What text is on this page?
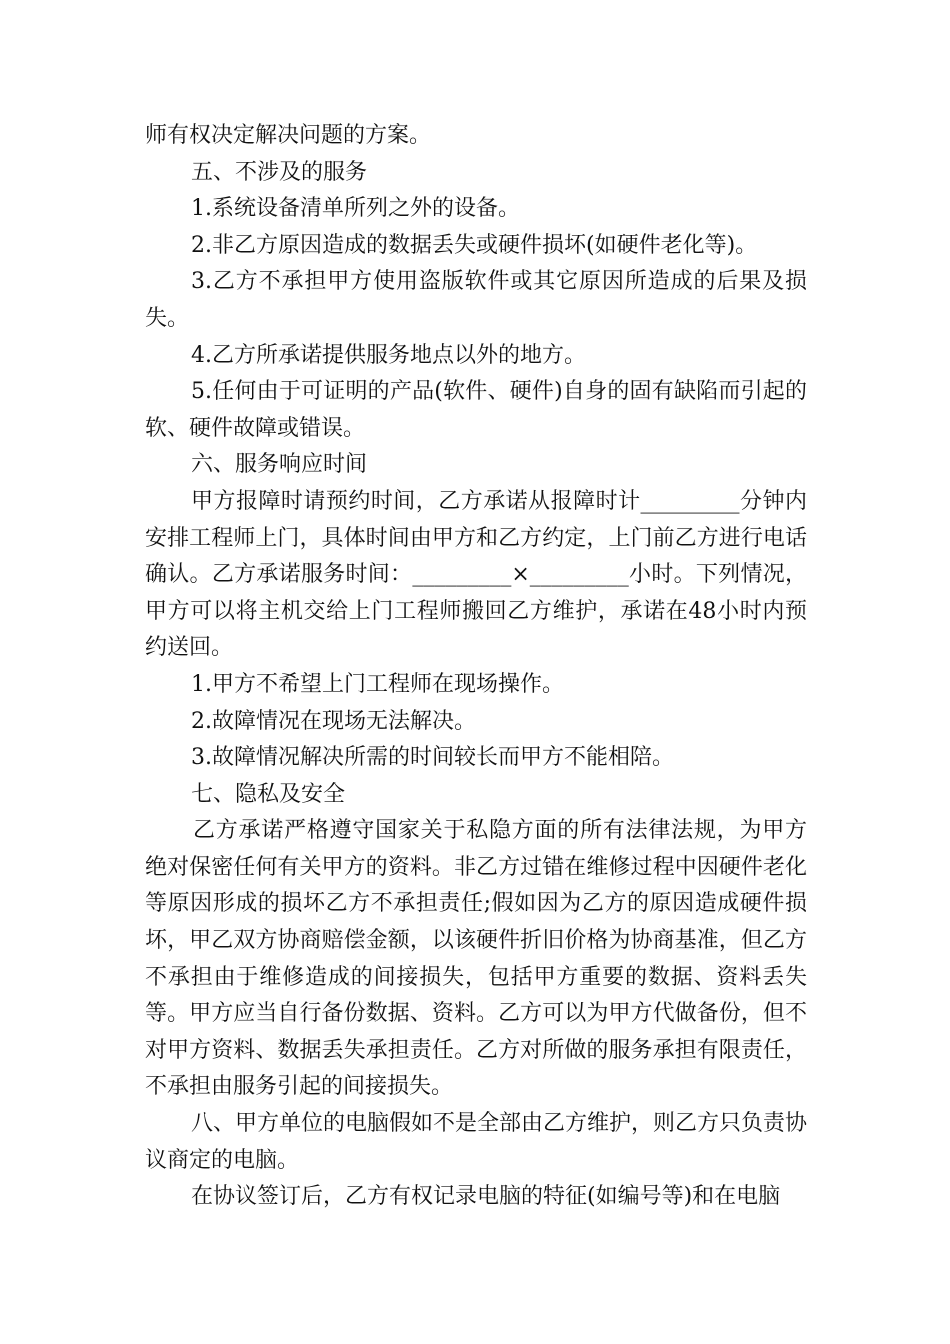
师有权决定解决问题的方案。

五、不涉及的服务

1.系统设备清单所列之外的设备。

2.非乙方原因造成的数据丢失或硬件损坏(如硬件老化等)。

3.乙方不承担甲方使用盗版软件或其它原因所造成的后果及损失。

4.乙方所承诺提供服务地点以外的地方。

5.任何由于可证明的产品(软件、硬件)自身的固有缺陷而引起的软、硬件故障或错误。

六、服务响应时间

甲方报障时请预约时间，乙方承诺从报障时计_________分钟内安排工程师上门，具体时间由甲方和乙方约定，上门前乙方进行电话确认。乙方承诺服务时间：_________×_________小时。下列情况，甲方可以将主机交给上门工程师搬回乙方维护，承诺在48小时内预约送回。

1.甲方不希望上门工程师在现场操作。

2.故障情况在现场无法解决。

3.故障情况解决所需的时间较长而甲方不能相陪。

七、隐私及安全

乙方承诺严格遵守国家关于私隐方面的所有法律法规，为甲方绝对保密任何有关甲方的资料。非乙方过错在维修过程中因硬件老化等原因形成的损坏乙方不承担责任;假如因为乙方的原因造成硬件损坏，甲乙双方协商赔偿金额，以该硬件折旧价格为协商基准，但乙方不承担由于维修造成的间接损失，包括甲方重要的数据、资料丢失等。甲方应当自行备份数据、资料。乙方可以为甲方代做备份，但不对甲方资料、数据丢失承担责任。乙方对所做的服务承担有限责任，不承担由服务引起的间接损失。

八、甲方单位的电脑假如不是全部由乙方维护，则乙方只负责协议商定的电脑。

在协议签订后，乙方有权记录电脑的特征(如编号等)和在电脑
